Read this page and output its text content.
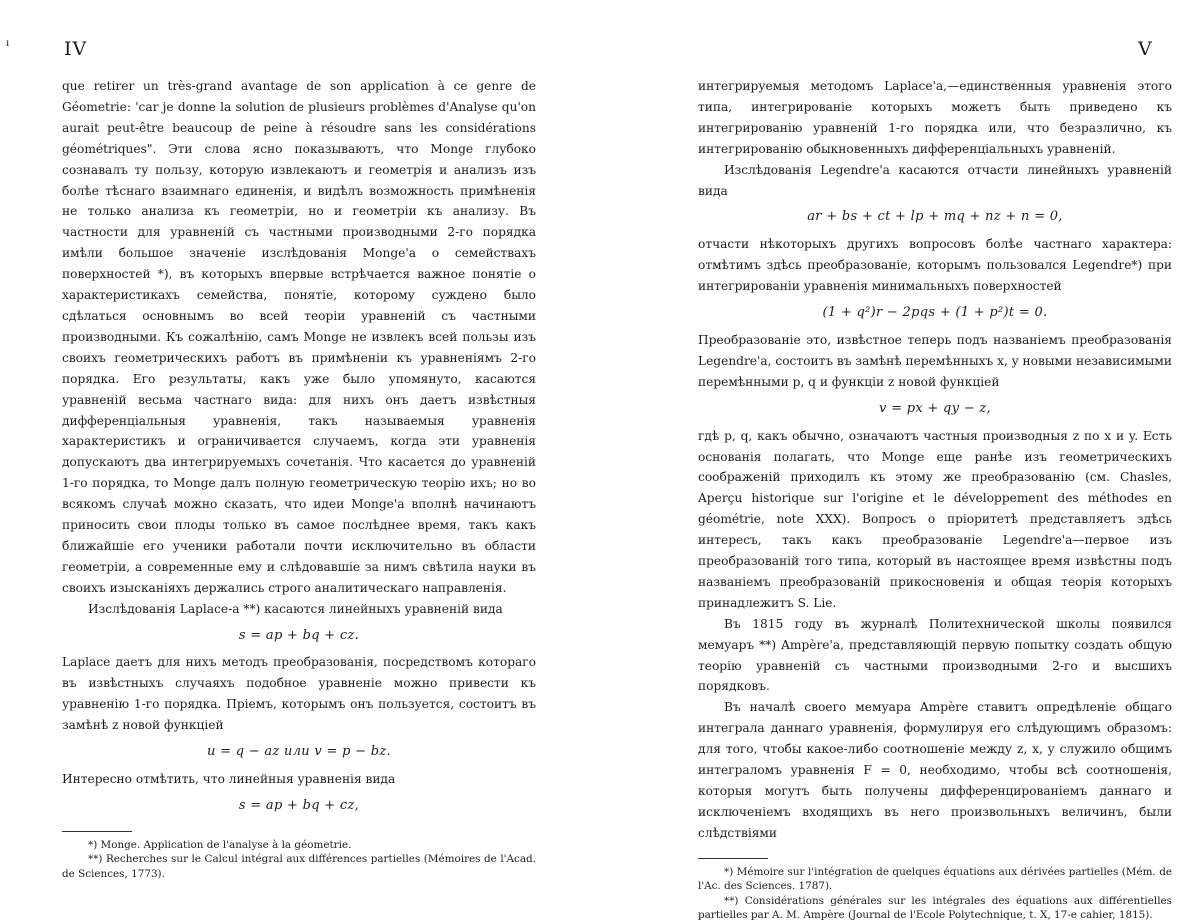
ı	IV	V

que retirer un très-grand avantage de son application à ce genre de Géometrie: 'car je donne la solution de plusieurs problèmes d'Analyse qu'on aurait peut-être beaucoup de peine à résoudre sans les considérations géométriques". Эти слова ясно показываютъ, что Monge глубоко сознавалъ ту пользу, которую извлекаютъ и геометрія и анализъ изъ болѣе тѣснаго взаимнаго единенія, и видѣлъ возможность примѣненія не только анализа къ геометріи, но и геометріи къ анализу. Въ частности для уравненій съ частными производными 2-го порядка имѣли большое значеніе изслѣдованія Monge'а о семействахъ поверхностей *), въ которыхъ впервые встрѣчается важное понятіе о характеристикахъ семейства, понятіе, которому суждено было сдѣлаться основнымъ во всей теоріи уравненій съ частными производными. Къ сожалѣнію, самъ Monge не извлекъ всей пользы изъ своихъ геометрическихъ работъ въ примѣненіи къ уравненіямъ 2-го порядка. Его результаты, какъ уже было упомянуто, касаются уравненій весьма частнаго вида: для нихъ онъ даетъ извѣстныя дифференціальныя уравненія, такъ называемыя уравненія характеристикъ и ограничивается случаемъ, когда эти уравненія допускаютъ два интегрируемыхъ сочетанія. Что касается до уравненій 1-го порядка, то Monge далъ полную геометрическую теорію ихъ; но во всякомъ случаѣ можно сказать, что идеи Monge'а вполнѣ начинаютъ приносить свои плоды только въ самое послѣднее время, такъ какъ ближайшіе его ученики работали почти исключительно въ области геометріи, а современные ему и слѣдовавшіе за нимъ свѣтила науки въ своихъ изысканіяхъ держались строго аналитическаго направленія.

Изслѣдованія Laplace-а **) касаются линейныхъ уравненій вида

s = ap + bq + cz.

Laplace даетъ для нихъ методъ преобразованія, посредствомъ котораго въ извѣстныхъ случаяхъ подобное уравненіе можно привести къ уравненію 1-го порядка. Пріемъ, которымъ онъ пользуется, состоитъ въ замѣнѣ z новой функціей

u = q − az или v = p − bz.

Интересно отмѣтить, что линейныя уравненія вида

s = ap + bq + cz,

*) Monge. Application de l'analyse à la géometrie.

**) Recherches sur le Calcul intégral aux différences partielles (Mémoires de l'Acad. de Sciences, 1773).

интегрируемыя методомъ Laplace'а,—единственныя уравненія этого типа, интегрированіе которыхъ можетъ быть приведено къ интегрированію уравненій 1-го порядка или, что безразлично, къ интегрированію обыкновенныхъ дифференціальныхъ уравненій.

Изслѣдованія Legendre'а касаются отчасти линейныхъ уравненій вида

ar + bs + ct + lp + mq + nz + n = 0,

отчасти нѣкоторыхъ другихъ вопросовъ болѣе частнаго характера: отмѣтимъ здѣсь преобразованіе, которымъ пользовался Legendre*) при интегрированіи уравненія минимальныхъ поверхностей

(1 + q²)r − 2pqs + (1 + p²)t = 0.

Преобразованіе это, извѣстное теперь подъ названіемъ преобразованія Legendre'а, состоитъ въ замѣнѣ перемѣнныхъ x, y новыми независимыми перемѣнными p, q и функціи z новой функціей

v = px + qy − z,

гдѣ p, q, какъ обычно, означаютъ частныя производныя z по x и y. Есть основанія полагать, что Monge еще ранѣе изъ геометрическихъ соображеній приходилъ къ этому же преобразованію (см. Chasles, Aperçu historique sur l'origine et le développement des méthodes en géométrie, note XXX). Вопросъ о пріоритетѣ представляетъ здѣсь интересъ, такъ какъ преобразованіе Legendre'а—первое изъ преобразованій того типа, который въ настоящее время извѣстны подъ названіемъ преобразованій прикосновенія и общая теорія которыхъ принадлежитъ S. Lie.

Въ 1815 году въ журналѣ Политехнической школы появился мемуаръ **) Ampère'а, представляющій первую попытку создать общую теорію уравненій съ частными производными 2-го и высшихъ порядковъ.

Въ началѣ своего мемуара Ampère ставитъ опредѣленіе общаго интеграла даннаго уравненія, формулируя его слѣдующимъ образомъ: для того, чтобы какое-либо соотношеніе между z, x, y служило общимъ интеграломъ уравненія F = 0, необходимо, чтобы всѣ соотношенія, которыя могутъ быть получены дифференцированіемъ даннаго и исключеніемъ входящихъ въ него произвольныхъ величинъ, были слѣдствіями

*) Mémoire sur l'intégration de quelques équations aux dérivées partielles (Mém. de l'Ac. des Sciences. 1787).

**) Considérations générales sur les intégrales des équations aux différentielles partielles par A. M. Ampère (Journal de l'Ecole Polytechnique, t. X, 17-e cahier, 1815).
